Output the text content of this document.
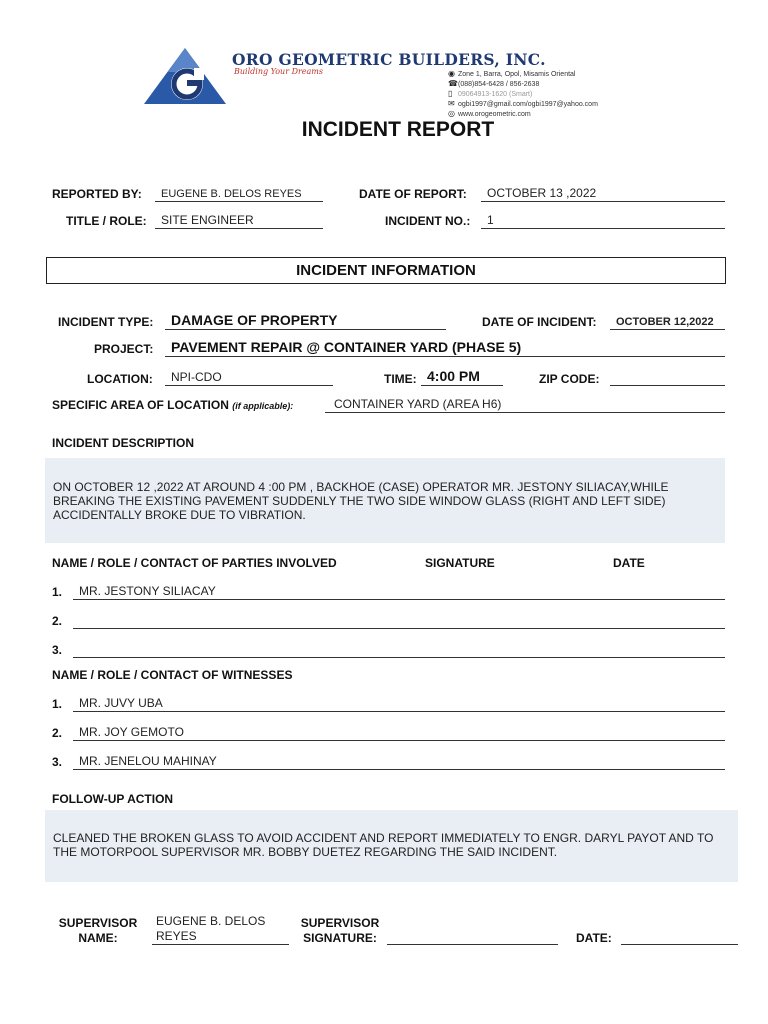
ORO GEOMETRIC BUILDERS, INC.
Building Your Dreams	◉ Zone 1, Barra, Opol, Misamis Oriental
☎(088)854-6428 / 856-2638
▯ 09064913-1620 (Smart)
✉ ogbi1997@gmail.com/ogbi1997@yahoo.com
◎ www.orogeometric.com
INCIDENT REPORT
REPORTED BY: EUGENE B. DELOS REYES	DATE OF REPORT: OCTOBER 13 ,2022
TITLE / ROLE: SITE ENGINEER	INCIDENT NO.: 1
INCIDENT INFORMATION
INCIDENT TYPE: DAMAGE OF PROPERTY	DATE OF INCIDENT: OCTOBER 12,2022
PROJECT: PAVEMENT REPAIR @ CONTAINER YARD (PHASE 5)
LOCATION: NPI-CDO	TIME: 4:00 PM	ZIP CODE:
SPECIFIC AREA OF LOCATION (if applicable):	CONTAINER YARD (AREA H6)
INCIDENT DESCRIPTION
ON OCTOBER 12 ,2022 AT AROUND 4 :00 PM , BACKHOE (CASE) OPERATOR MR. JESTONY SILIACAY,WHILE BREAKING THE EXISTING PAVEMENT SUDDENLY THE TWO SIDE WINDOW GLASS (RIGHT AND LEFT SIDE) ACCIDENTALLY BROKE DUE TO VIBRATION.
NAME / ROLE / CONTACT OF PARTIES INVOLVED	SIGNATURE	DATE
1. MR. JESTONY SILIACAY
2.
3.
NAME / ROLE / CONTACT OF WITNESSES
1. MR. JUVY UBA
2. MR. JOY GEMOTO
3. MR. JENELOU MAHINAY
FOLLOW-UP ACTION
CLEANED THE BROKEN GLASS TO AVOID ACCIDENT AND REPORT IMMEDIATELY TO ENGR. DARYL PAYOT AND TO THE MOTORPOOL SUPERVISOR MR. BOBBY DUETEZ REGARDING THE SAID INCIDENT.
SUPERVISOR
NAME:
EUGENE B. DELOS
REYES
SUPERVISOR
SIGNATURE:	DATE:
